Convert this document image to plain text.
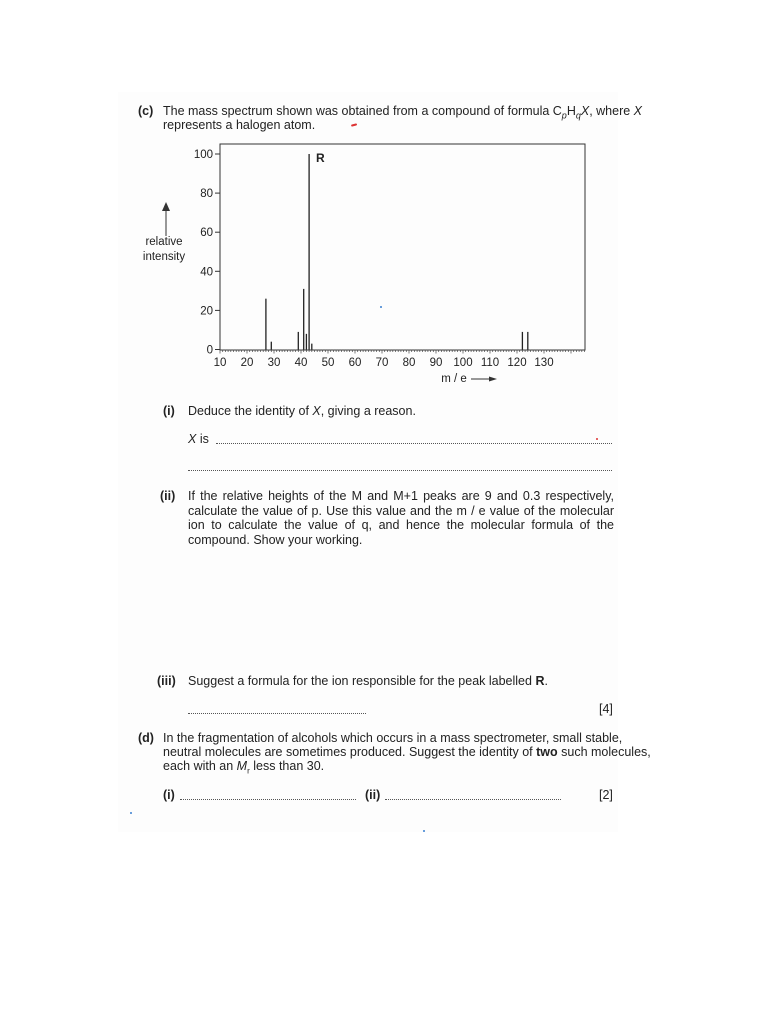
(c) The mass spectrum shown was obtained from a compound of formula $C_pH_qX$, where X
represents a halogen atom.
0
20
40
60
80
100
10 20 30 40 50 60 70 80 90 100 110 120 130
R
relative
intensity
m / e
(i) Deduce the identity of X, giving a reason.
X is
(ii) If the relative heights of the M and M+1 peaks are 9 and 0.3 respectively, calculate the value of p. Use this value and the m / e value of the molecular ion to calculate the value of q, and hence the molecular formula of the compound. Show your working.
(iii) Suggest a formula for the ion responsible for the peak labelled R.
[4]
(d) In the fragmentation of alcohols which occurs in a mass spectrometer, small stable,
neutral molecules are sometimes produced. Suggest the identity of two such molecules,
each with an $M_r$ less than 30.
(i)	(ii)	[2]
